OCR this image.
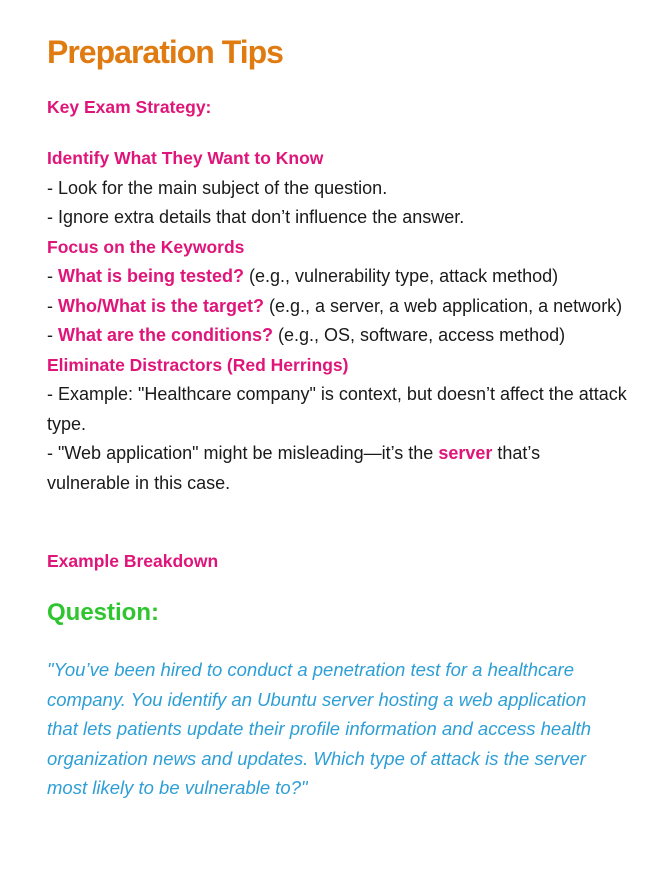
Preparation Tips

Key Exam Strategy:

Identify What They Want to Know

- Look for the main subject of the question.

- Ignore extra details that don’t influence the answer.

Focus on the Keywords

- What is being tested? (e.g., vulnerability type, attack method)

- Who/What is the target? (e.g., a server, a web application, a network)

- What are the conditions? (e.g., OS, software, access method)

Eliminate Distractors (Red Herrings)

- Example: "Healthcare company" is context, but doesn’t affect the attack type.

- "Web application" might be misleading—it’s the server that’s vulnerable in this case.

Example Breakdown

Question:

"You’ve been hired to conduct a penetration test for a healthcare company. You identify an Ubuntu server hosting a web application that lets patients update their profile information and access health organization news and updates. Which type of attack is the server most likely to be vulnerable to?"
